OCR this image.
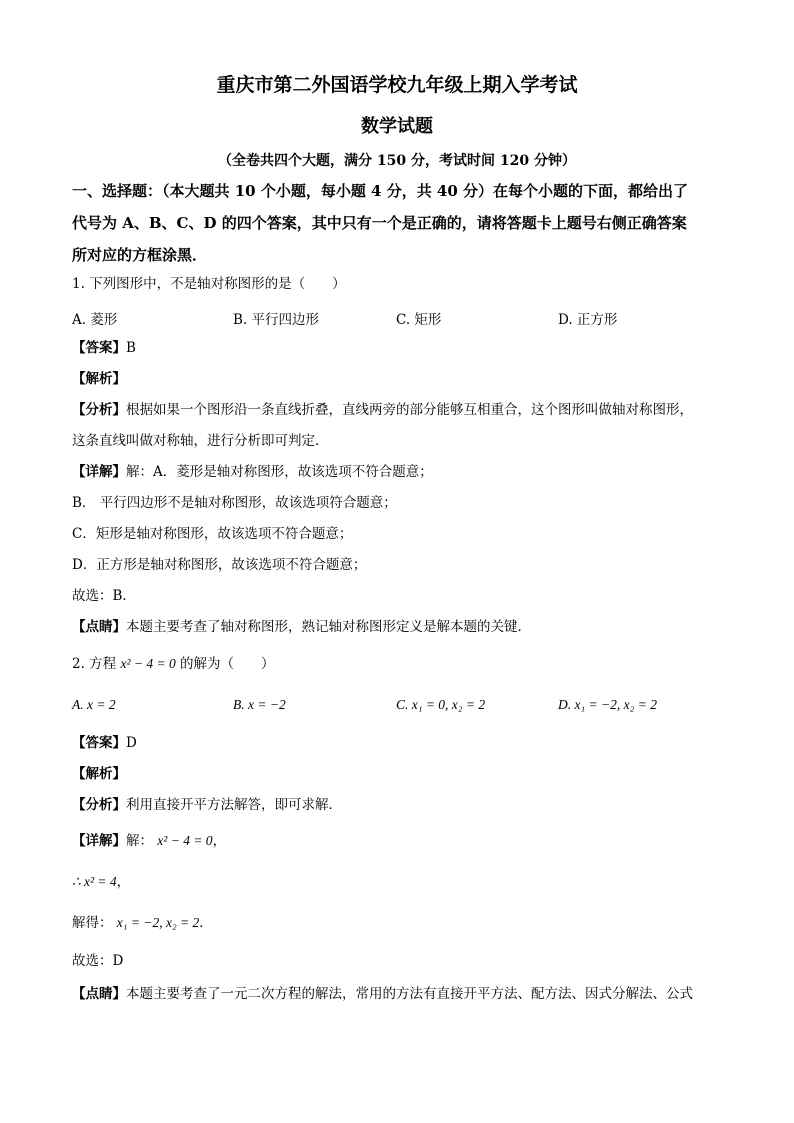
重庆市第二外国语学校九年级上期入学考试
数学试题
（全卷共四个大题，满分 150 分，考试时间 120 分钟）
一、选择题：（本大题共 10 个小题，每小题 4 分，共 40 分）在每个小题的下面，都给出了
代号为 A、B、C、D 的四个答案，其中只有一个是正确的，请将答题卡上题号右侧正确答案
所对应的方框涂黑．
1. 下列图形中，不是轴对称图形的是（　　）
A. 菱形	B. 平行四边形	C. 矩形	D. 正方形
【答案】B
【解析】
【分析】根据如果一个图形沿一条直线折叠，直线两旁的部分能够互相重合，这个图形叫做轴对称图形，
这条直线叫做对称轴，进行分析即可判定．
【详解】解：A．菱形是轴对称图形，故该选项不符合题意；
B． 平行四边形不是轴对称图形，故该选项符合题意；
C．矩形是轴对称图形，故该选项不符合题意；
D．正方形是轴对称图形，故该选项不符合题意；
故选：B．
【点睛】本题主要考查了轴对称图形，熟记轴对称图形定义是解本题的关键．
2. 方程 x² − 4 = 0 的解为（　　）
A. x = 2	B. x = −2	C. x₁ = 0, x₂ = 2	D. x₁ = −2, x₂ = 2
【答案】D
【解析】
【分析】利用直接开平方法解答，即可求解．
【详解】解： x² − 4 = 0，
∴ x² = 4，
解得： x₁ = −2, x₂ = 2．
故选：D
【点睛】本题主要考查了一元二次方程的解法，常用的方法有直接开平方法、配方法、因式分解法、公式
